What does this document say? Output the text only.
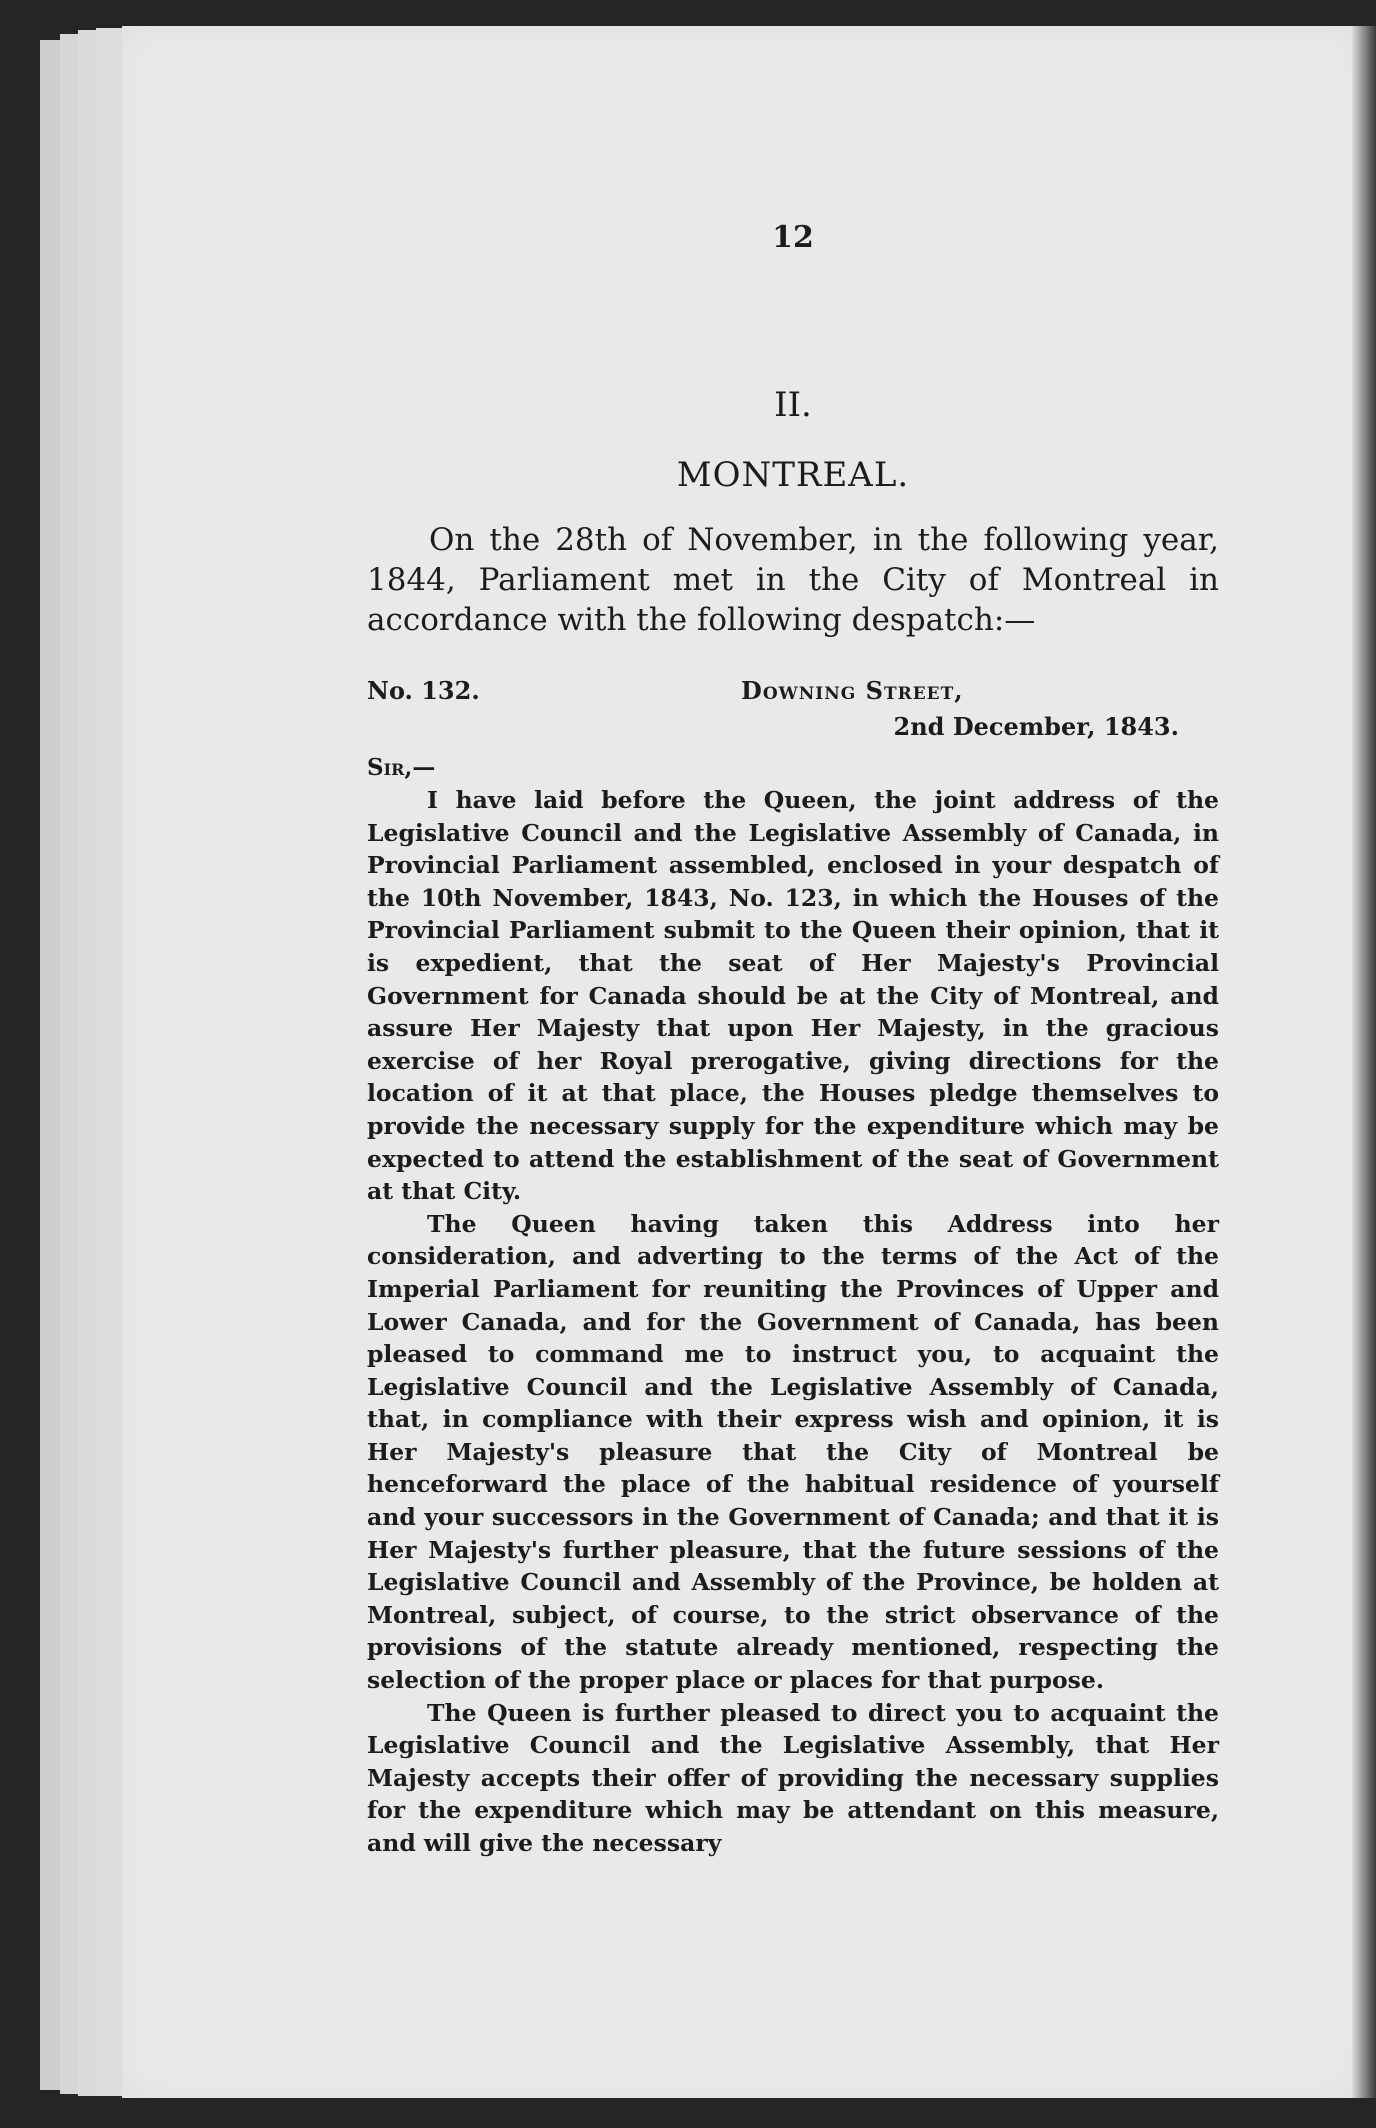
12
II.
MONTREAL.
On the 28th of November, in the following year, 1844, Parliament met in the City of Montreal in accordance with the following despatch:—
No. 132.	Downing Street,
2nd December, 1843.
Sir,—

I have laid before the Queen, the joint address of the Legislative Council and the Legislative Assembly of Canada, in Provincial Parliament assembled, enclosed in your despatch of the 10th November, 1843, No. 123, in which the Houses of the Provincial Parliament submit to the Queen their opinion, that it is expedient, that the seat of Her Majesty's Provincial Government for Canada should be at the City of Montreal, and assure Her Majesty that upon Her Majesty, in the gracious exercise of her Royal prerogative, giving directions for the location of it at that place, the Houses pledge themselves to provide the necessary supply for the expenditure which may be expected to attend the establishment of the seat of Government at that City.

The Queen having taken this Address into her consideration, and adverting to the terms of the Act of the Imperial Parliament for reuniting the Provinces of Upper and Lower Canada, and for the Government of Canada, has been pleased to command me to instruct you, to acquaint the Legislative Council and the Legislative Assembly of Canada, that, in compliance with their express wish and opinion, it is Her Majesty's pleasure that the City of Montreal be henceforward the place of the habitual residence of yourself and your successors in the Government of Canada; and that it is Her Majesty's further pleasure, that the future sessions of the Legislative Council and Assembly of the Province, be holden at Montreal, subject, of course, to the strict observance of the provisions of the statute already mentioned, respecting the selection of the proper place or places for that purpose.

The Queen is further pleased to direct you to acquaint the Legislative Council and the Legislative Assembly, that Her Majesty accepts their offer of providing the necessary supplies for the expenditure which may be attendant on this measure, and will give the necessary
